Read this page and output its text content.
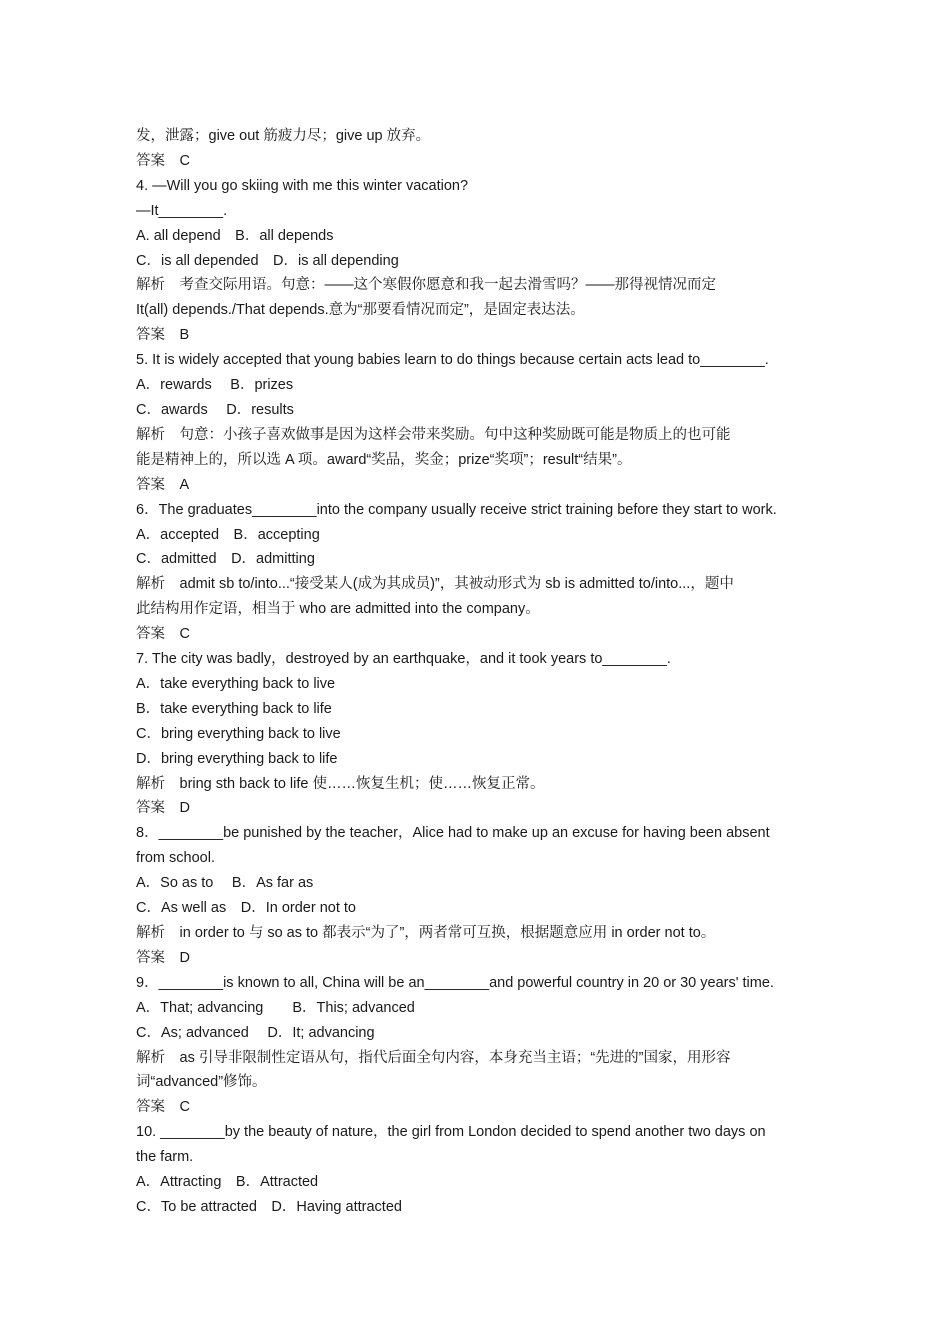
发，泄露；give out 筋疲力尽；give up 放弃。
答案　C
4. —Will you go skiing with me this winter vacation?
—It________.
A. all depend　B．all depends
C．is all depended　D．is all depending
解析　考查交际用语。句意：——这个寒假你愿意和我一起去滑雪吗？——那得视情况而定
It(all) depends./That depends.意为“那要看情况而定”，是固定表达法。
答案　B
5. It is widely accepted that young babies learn to do things because certain acts lead to________.
A．rewards　 B．prizes
C．awards　 D．results
解析　句意：小孩子喜欢做事是因为这样会带来奖励。句中这种奖励既可能是物质上的也可能
能是精神上的，所以选 A 项。award“奖品，奖金；prize“奖项”；result“结果”。
答案　A
6．The graduates________into the company usually receive strict training before they start to work.
A．accepted　B．accepting
C．admitted　D．admitting
解析　admit sb to/into...“接受某人(成为其成员)”，其被动形式为 sb is admitted to/into...，题中
此结构用作定语，相当于 who are admitted into the company。
答案　C
7. The city was badly，destroyed by an earthquake，and it took years to________.
A．take everything back to live
B．take everything back to life
C．bring everything back to live
D．bring everything back to life
解析　bring sth back to life 使……恢复生机；使……恢复正常。
答案　D
8．________be punished by the teacher，Alice had to make up an excuse for having been absent
from school.
A．So as to　 B．As far as
C．As well as　D．In order not to
解析　in order to 与 so as to 都表示“为了”，两者常可互换，根据题意应用 in order not to。
答案　D
9．________is known to all, China will be an________and powerful country in 20 or 30 years' time.
A．That; advancing　　B．This; advanced
C．As; advanced　 D．It; advancing
解析　as 引导非限制性定语从句，指代后面全句内容，本身充当主语；“先进的”国家，用形容
词“advanced”修饰。
答案　C
10. ________by the beauty of nature，the girl from London decided to spend another two days on
the farm.
A．Attracting　B．Attracted
C．To be attracted　D．Having attracted
